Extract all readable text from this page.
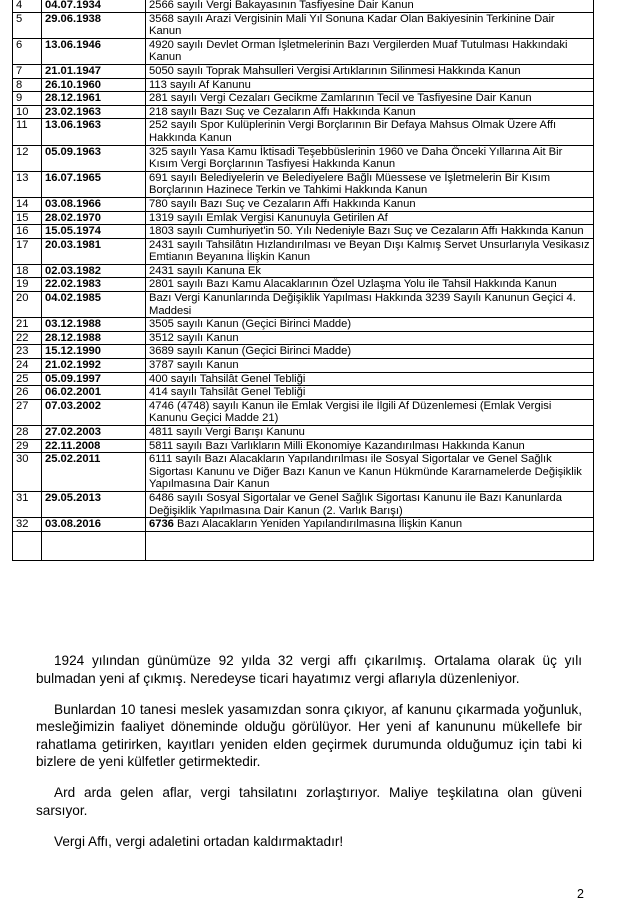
4	04.07.1934	2566 sayılı Vergi Bakayasının Tasfiyesine Dair Kanun
5	29.06.1938	3568 sayılı Arazi Vergisinin Mali Yıl Sonuna Kadar Olan Bakiyesinin Terkinine Dair Kanun
6	13.06.1946	4920 sayılı Devlet Orman İşletmelerinin Bazı Vergilerden Muaf Tutulması Hakkındaki Kanun
7	21.01.1947	5050 sayılı Toprak Mahsulleri Vergisi Artıklarının Silinmesi Hakkında Kanun
8	26.10.1960	113 sayılı Af Kanunu
9	28.12.1961	281 sayılı Vergi Cezaları Gecikme Zamlarının Tecil ve Tasfiyesine Dair Kanun
10	23.02.1963	218 sayılı Bazı Suç ve Cezaların Affı Hakkında Kanun
11	13.06.1963	252 sayılı Spor Kulüplerinin Vergi Borçlarının Bir Defaya Mahsus Olmak Üzere Affı Hakkında Kanun
12	05.09.1963	325 sayılı Yasa Kamu İktisadi Teşebbüslerinin 1960 ve Daha Önceki Yıllarına Ait Bir Kısım Vergi Borçlarının Tasfiyesi Hakkında Kanun
13	16.07.1965	691 sayılı Belediyelerin ve Belediyelere Bağlı Müessese ve İşletmelerin Bir Kısım Borçlarının Hazinece Terkin ve Tahkimi Hakkında Kanun
14	03.08.1966	780 sayılı Bazı Suç ve Cezaların Affı Hakkında Kanun
15	28.02.1970	1319 sayılı Emlak Vergisi Kanunuyla Getirilen Af
16	15.05.1974	1803 sayılı Cumhuriyet'in 50. Yılı Nedeniyle Bazı Suç ve Cezaların Affı Hakkında Kanun
17	20.03.1981	2431 sayılı Tahsilâtın Hızlandırılması ve Beyan Dışı Kalmış Servet Unsurlarıyla Vesikasız Emtianın Beyanına İlişkin Kanun
18	02.03.1982	2431 sayılı Kanuna Ek
19	22.02.1983	2801 sayılı Bazı Kamu Alacaklarının Özel Uzlaşma Yolu ile Tahsil Hakkında Kanun
20	04.02.1985	Bazı Vergi Kanunlarında Değişiklik Yapılması Hakkında 3239 Sayılı Kanunun Geçici 4. Maddesi
21	03.12.1988	3505 sayılı Kanun (Geçici Birinci Madde)
22	28.12.1988	3512 sayılı Kanun
23	15.12.1990	3689 sayılı Kanun (Geçici Birinci Madde)
24	21.02.1992	3787 sayılı Kanun
25	05.09.1997	400 sayılı Tahsilât Genel Tebliği
26	06.02.2001	414 sayılı Tahsilât Genel Tebliği
27	07.03.2002	4746 (4748) sayılı Kanun ile Emlak Vergisi ile İlgili Af Düzenlemesi (Emlak Vergisi Kanunu Geçici Madde 21)
28	27.02.2003	4811 sayılı Vergi Barışı Kanunu
29	22.11.2008	5811 sayılı Bazı Varlıkların Milli Ekonomiye Kazandırılması Hakkında Kanun
30	25.02.2011	6111 sayılı Bazı Alacakların Yapılandırılması ile Sosyal Sigortalar ve Genel Sağlık Sigortası Kanunu ve Diğer Bazı Kanun ve Kanun Hükmünde Kararnamelerde Değişiklik Yapılmasına Dair Kanun
31	29.05.2013	6486 sayılı Sosyal Sigortalar ve Genel Sağlık Sigortası Kanunu ile Bazı Kanunlarda Değişiklik Yapılmasına Dair Kanun (2. Varlık Barışı)
32	03.08.2016	6736 Bazı Alacakların Yeniden Yapılandırılmasına İlişkin Kanun

1924 yılından günümüze 92 yılda 32 vergi affı çıkarılmış. Ortalama olarak üç yılı bulmadan yeni af çıkmış. Neredeyse ticari hayatımız vergi aflarıyla düzenleniyor.

Bunlardan 10 tanesi meslek yasamızdan sonra çıkıyor, af kanunu çıkarmada yoğunluk, mesleğimizin faaliyet döneminde olduğu görülüyor. Her yeni af kanununu mükellefe bir rahatlama getirirken, kayıtları yeniden elden geçirmek durumunda olduğumuz için tabi ki bizlere de yeni külfetler getirmektedir.

Ard arda gelen aflar, vergi tahsilatını zorlaştırıyor. Maliye teşkilatına olan güveni sarsıyor.

Vergi Affı, vergi adaletini ortadan kaldırmaktadır!

2
